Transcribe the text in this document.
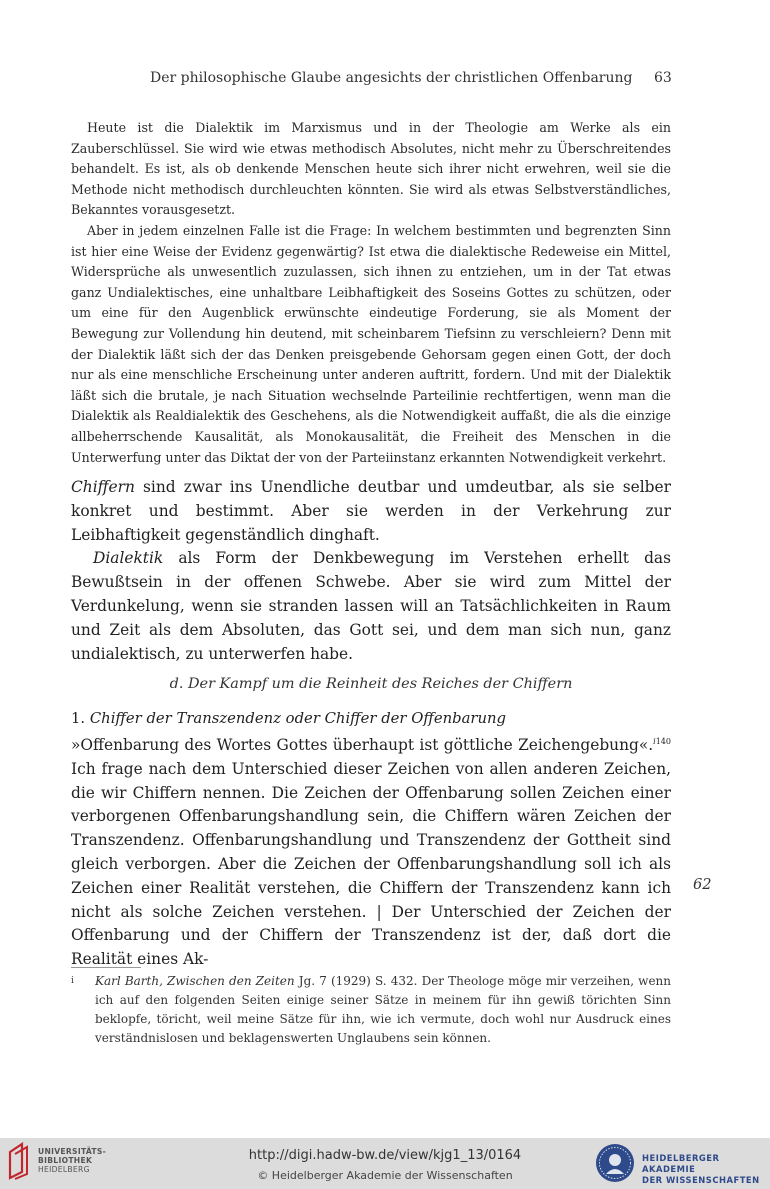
Der philosophische Glaube angesichts der christlichen Offenbarung 63

Heute ist die Dialektik im Marxismus und in der Theologie am Werke als ein Zauberschlüssel. Sie wird wie etwas methodisch Absolutes, nicht mehr zu Überschreitendes behandelt. Es ist, als ob denkende Menschen heute sich ihrer nicht erwehren, weil sie die Methode nicht methodisch durchleuchten könnten. Sie wird als etwas Selbstverständliches, Bekanntes vorausgesetzt.

Aber in jedem einzelnen Falle ist die Frage: In welchem bestimmten und begrenzten Sinn ist hier eine Weise der Evidenz gegenwärtig? Ist etwa die dialektische Redeweise ein Mittel, Widersprüche als unwesentlich zuzulassen, sich ihnen zu entziehen, um in der Tat etwas ganz Undialektisches, eine unhaltbare Leibhaftigkeit des Soseins Gottes zu schützen, oder um eine für den Augenblick erwünschte eindeutige Forderung, sie als Moment der Bewegung zur Vollendung hin deutend, mit scheinbarem Tiefsinn zu verschleiern? Denn mit der Dialektik läßt sich der das Denken preisgebende Gehorsam gegen einen Gott, der doch nur als eine menschliche Erscheinung unter anderen auftritt, fordern. Und mit der Dialektik läßt sich die brutale, je nach Situation wechselnde Parteilinie rechtfertigen, wenn man die Dialektik als Realdialektik des Geschehens, als die Notwendigkeit auffaßt, die als die einzige allbeherrschende Kausalität, als Monokausalität, die Freiheit des Menschen in die Unterwerfung unter das Diktat der von der Parteiinstanz erkannten Notwendigkeit verkehrt.

Chiffern sind zwar ins Unendliche deutbar und umdeutbar, als sie selber konkret und bestimmt. Aber sie werden in der Verkehrung zur Leibhaftigkeit gegenständlich dinghaft.

Dialektik als Form der Denkbewegung im Verstehen erhellt das Bewußtsein in der offenen Schwebe. Aber sie wird zum Mittel der Verdunkelung, wenn sie stranden lassen will an Tatsächlichkeiten in Raum und Zeit als dem Absoluten, das Gott sei, und dem man sich nun, ganz undialektisch, zu unterwerfen habe.

d. Der Kampf um die Reinheit des Reiches der Chiffern
1. Chiffer der Transzendenz oder Chiffer der Offenbarung

»Offenbarung des Wortes Gottes überhaupt ist göttliche Zeichengebung«.$^{i140}$ Ich frage nach dem Unterschied dieser Zeichen von allen anderen Zeichen, die wir Chiffern nennen. Die Zeichen der Offenbarung sollen Zeichen einer verborgenen Offenbarungshandlung sein, die Chiffern wären Zeichen der Transzendenz. Offenbarungshandlung und Transzendenz der Gottheit sind gleich verborgen. Aber die Zeichen der Offenbarungshandlung soll ich als Zeichen einer Realität verstehen, die Chiffern der Transzendenz kann ich nicht als solche Zeichen verstehen. | Der Unterschied der Zeichen der Offenbarung und der Chiffern der Transzendenz ist der, daß dort die Realität eines Ak-

62
i Karl Barth, Zwischen den Zeiten Jg. 7 (1929) S. 432. Der Theologe möge mir verzeihen, wenn ich auf den folgenden Seiten einige seiner Sätze in meinem für ihn gewiß törichten Sinn beklopfe, töricht, weil meine Sätze für ihn, wie ich vermute, doch wohl nur Ausdruck eines verständnislosen und beklagenswerten Unglaubens sein können.
UNIVERSITÄTS-
BIBLIOTHEK
HEIDELBERG
http://digi.hadw-bw.de/view/kjg1_13/0164
© Heidelberger Akademie der Wissenschaften
HEIDELBERGER AKADEMIE
DER WISSENSCHAFTEN
